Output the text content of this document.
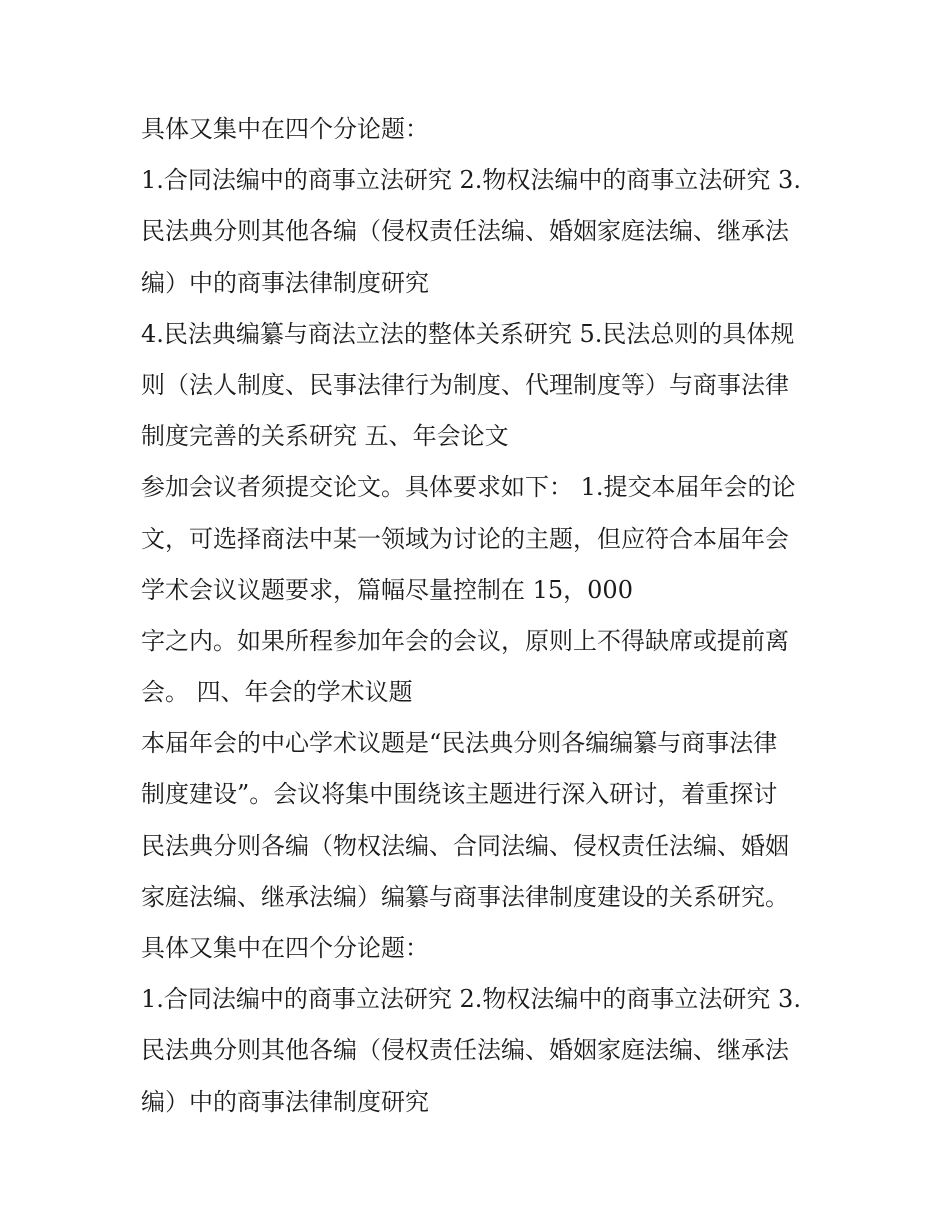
具体又集中在四个分论题：
1.合同法编中的商事立法研究 2.物权法编中的商事立法研究 3.
民法典分则其他各编（侵权责任法编、婚姻家庭法编、继承法
编）中的商事法律制度研究
4.民法典编纂与商法立法的整体关系研究 5.民法总则的具体规
则（法人制度、民事法律行为制度、代理制度等）与商事法律
制度完善的关系研究 五、年会论文
参加会议者须提交论文。具体要求如下： 1.提交本届年会的论
文，可选择商法中某一领域为讨论的主题，但应符合本届年会
学术会议议题要求，篇幅尽量控制在 15，000
字之内。如果所程参加年会的会议，原则上不得缺席或提前离
会。 四、年会的学术议题
本届年会的中心学术议题是“民法典分则各编编纂与商事法律
制度建设”。会议将集中围绕该主题进行深入研讨，着重探讨
民法典分则各编（物权法编、合同法编、侵权责任法编、婚姻
家庭法编、继承法编）编纂与商事法律制度建设的关系研究。
具体又集中在四个分论题：
1.合同法编中的商事立法研究 2.物权法编中的商事立法研究 3.
民法典分则其他各编（侵权责任法编、婚姻家庭法编、继承法
编）中的商事法律制度研究
